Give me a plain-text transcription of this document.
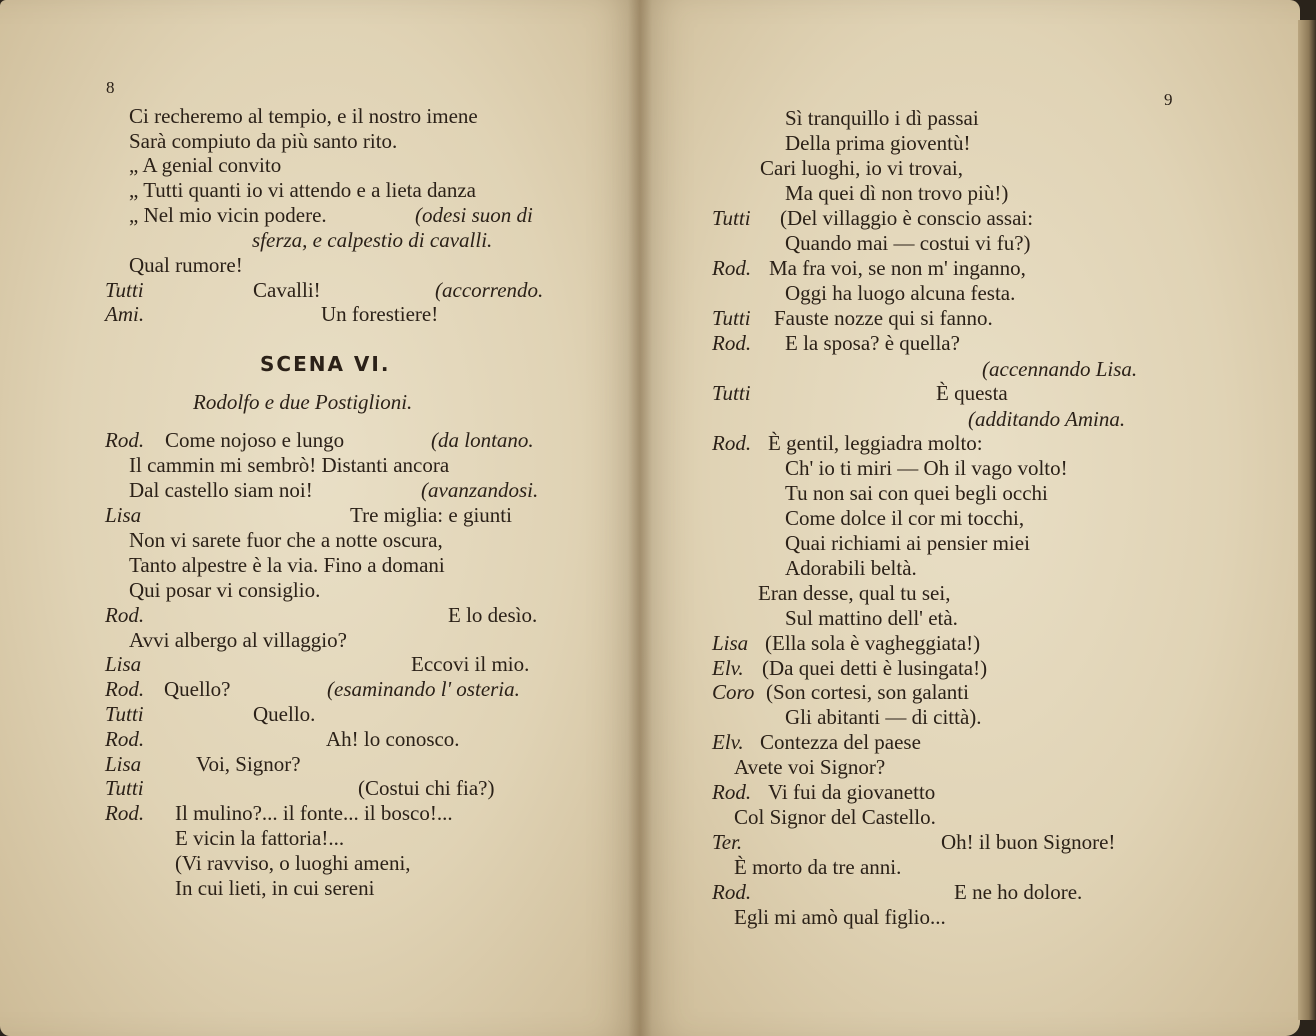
8
Ci recheremo al tempio, e il nostro imene
Sarà compiuto da più santo rito.
„ A genial convito
„ Tutti quanti io vi attendo e a lieta danza
„ Nel mio vicin podere.	(odesi suon di
sferza, e calpestio di cavalli.
Qual rumore!
Tutti	Cavalli!	(accorrendo.
Ami.	Un forestiere!
SCENA VI.
Rodolfo e due Postiglioni.
Rod. Come nojoso e lungo	(da lontano.
Il cammin mi sembrò! Distanti ancora
Dal castello siam noi!	(avanzandosi.
Lisa	Tre miglia: e giunti
Non vi sarete fuor che a notte oscura,
Tanto alpestre è la via. Fino a domani
Qui posar vi consiglio.
Rod.	E lo desìo.
Avvi albergo al villaggio?
Lisa	Eccovi il mio.
Rod. Quello?	(esaminando l' osteria.
Tutti	Quello.
Rod.	Ah! lo conosco.
Lisa	Voi, Signor?
Tutti	(Costui chi fia?)
Rod. Il mulino?... il fonte... il bosco!...
E vicin la fattoria!...
(Vi ravviso, o luoghi ameni,
In cui lieti, in cui sereni
9
Sì tranquillo i dì passai
Della prima gioventù!
Cari luoghi, io vi trovai,
Ma quei dì non trovo più!)
Tutti (Del villaggio è conscio assai:
Quando mai — costui vi fu?)
Rod. Ma fra voi, se non m' inganno,
Oggi ha luogo alcuna festa.
Tutti Fauste nozze qui si fanno.
Rod. E la sposa? è quella?
(accennando Lisa.
Tutti	È questa
(additando Amina.
Rod. È gentil, leggiadra molto:
Ch' io ti miri — Oh il vago volto!
Tu non sai con quei begli occhi
Come dolce il cor mi tocchi,
Quai richiami ai pensier miei
Adorabili beltà.
Eran desse, qual tu sei,
Sul mattino dell' età.
Lisa (Ella sola è vagheggiata!)
Elv. (Da quei detti è lusingata!)
Coro (Son cortesi, son galanti
Gli abitanti — di città).
Elv. Contezza del paese
Avete voi Signor?
Rod. Vi fui da giovanetto
Col Signor del Castello.
Ter.	Oh! il buon Signore!
È morto da tre anni.
Rod.	E ne ho dolore.
Egli mi amò qual figlio...
